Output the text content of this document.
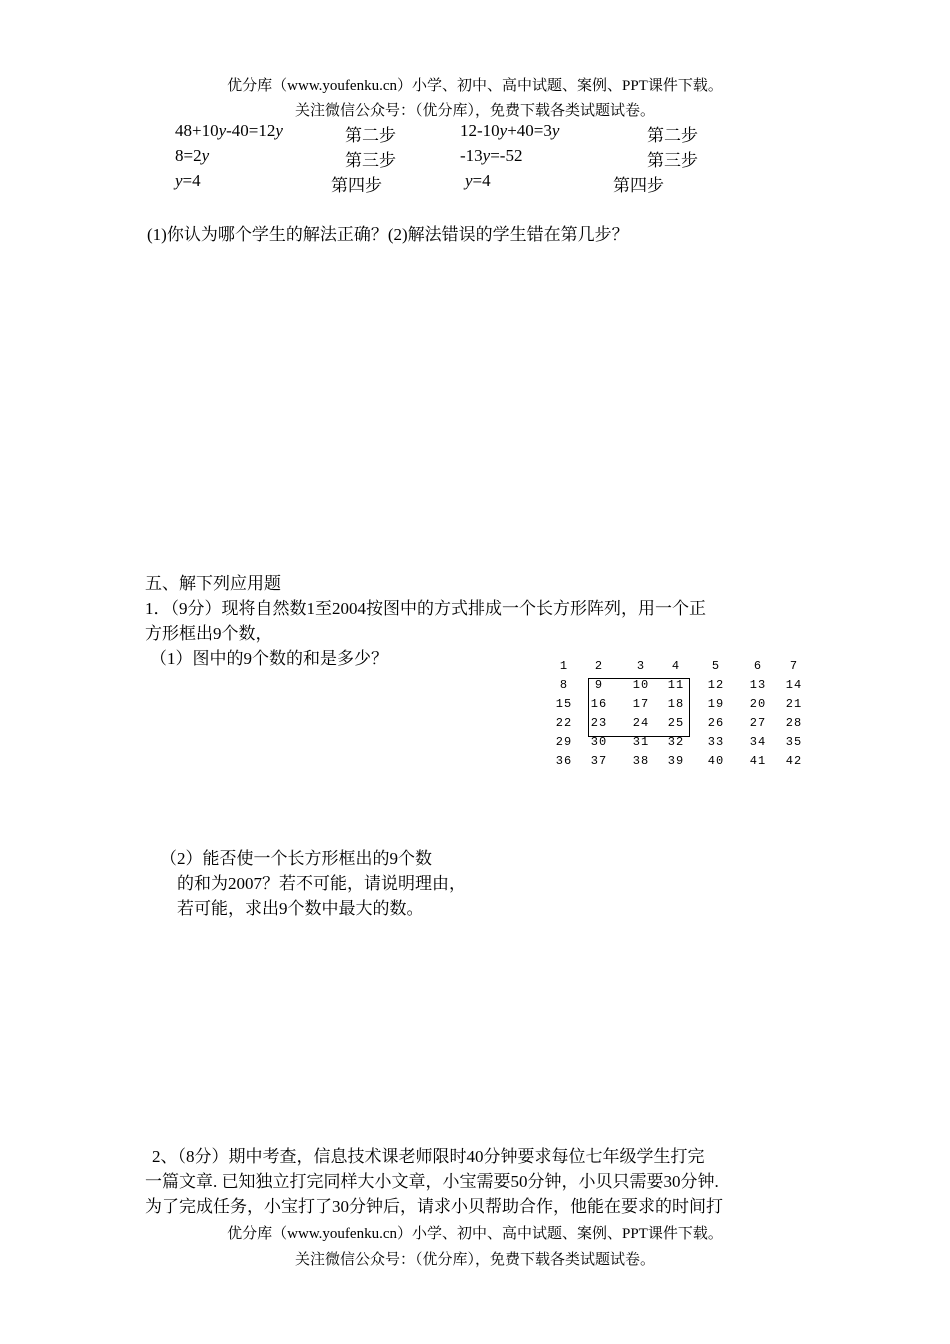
优分库（www.youfenku.cn）小学、初中、高中试题、案例、PPT课件下载。
关注微信公众号：（优分库），免费下载各类试题试卷。
48+10y-40=12y	第二步	12-10y+40=3y	第二步
8=2y	第三步	-13y=-52	第三步
y=4	第四步	y=4	第四步
(1)你认为哪个学生的解法正确？(2)解法错误的学生错在第几步？
五、解下列应用题
1．（9分）现将自然数1至2004按图中的方式排成一个长方形阵列，用一个正
方形框出9个数，
（1）图中的9个数的和是多少？	1	2	3	4	5	6	7
8	9	10	11	12	13	14
15	16	17	18	19	20	21
22	23	24	25	26	27	28
29	30	31	32	33	34	35
36	37	38	39	40	41	42
（2）能否使一个长方形框出的9个数
的和为2007？若不可能，请说明理由，
若可能，求出9个数中最大的数。
2、（8分）期中考查，信息技术课老师限时40分钟要求每位七年级学生打完
一篇文章. 已知独立打完同样大小文章，小宝需要50分钟，小贝只需要30分钟.
为了完成任务，小宝打了30分钟后，请求小贝帮助合作，他能在要求的时间打
优分库（www.youfenku.cn）小学、初中、高中试题、案例、PPT课件下载。
关注微信公众号：（优分库），免费下载各类试题试卷。
